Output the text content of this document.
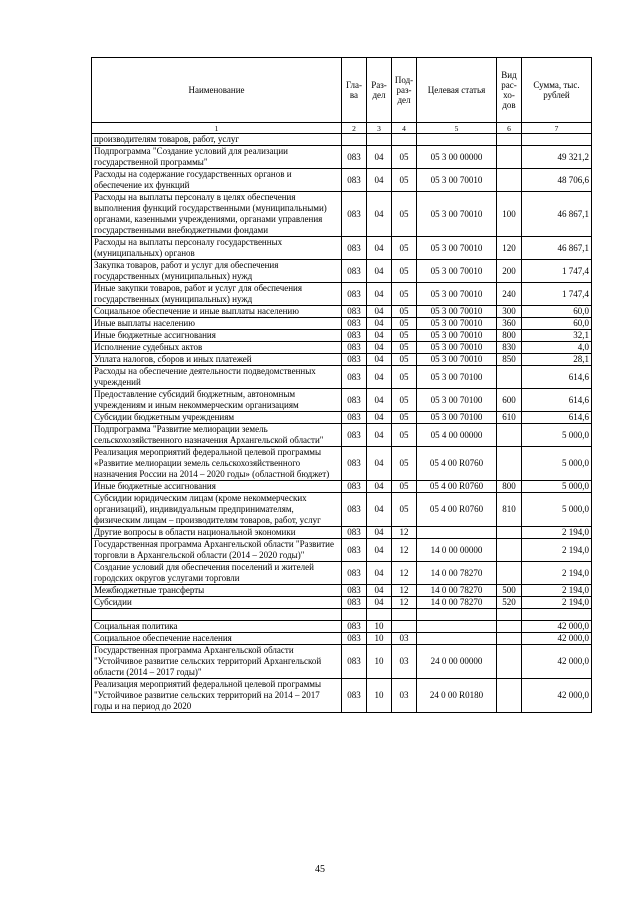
Наименование	Гла-ва	Раз-дел	Под-раз-дел	Целевая статья	Вид рас-хо-дов	Сумма, тыс. рублей
1	2	3	4	5	6	7
производителям товаров, работ, услуг						
Подпрограмма "Создание условий для реализации государственной программы"	083	04	05	05 3 00 00000		49 321,2
Расходы на содержание государственных органов и обеспечение их функций	083	04	05	05 3 00 70010		48 706,6
Расходы на выплаты персоналу в целях обеспечения выполнения функций государственными (муниципальными) органами, казенными учреждениями, органами управления государственными внебюджетными фондами	083	04	05	05 3 00 70010	100	46 867,1
Расходы на выплаты персоналу государственных (муниципальных) органов	083	04	05	05 3 00 70010	120	46 867,1
Закупка товаров, работ и услуг для обеспечения государственных (муниципальных) нужд	083	04	05	05 3 00 70010	200	1 747,4
Иные закупки товаров, работ и услуг для обеспечения государственных (муниципальных) нужд	083	04	05	05 3 00 70010	240	1 747,4
Социальное обеспечение и иные выплаты населению	083	04	05	05 3 00 70010	300	60,0
Иные выплаты населению	083	04	05	05 3 00 70010	360	60,0
Иные бюджетные ассигнования	083	04	05	05 3 00 70010	800	32,1
Исполнение судебных актов	083	04	05	05 3 00 70010	830	4,0
Уплата налогов, сборов и иных платежей	083	04	05	05 3 00 70010	850	28,1
Расходы на обеспечение деятельности подведомственных учреждений	083	04	05	05 3 00 70100		614,6
Предоставление субсидий бюджетным, автономным учреждениям и иным некоммерческим организациям	083	04	05	05 3 00 70100	600	614,6
Субсидии бюджетным учреждениям	083	04	05	05 3 00 70100	610	614,6
Подпрограмма "Развитие мелиорации земель сельскохозяйственного назначения Архангельской области"	083	04	05	05 4 00 00000		5 000,0
Реализация мероприятий федеральной целевой программы «Развитие мелиорации земель сельскохозяйственного назначения России на 2014 – 2020 годы» (областной бюджет)	083	04	05	05 4 00 R0760		5 000,0
Иные бюджетные ассигнования	083	04	05	05 4 00 R0760	800	5 000,0
Субсидии юридическим лицам (кроме некоммерческих организаций), индивидуальным предпринимателям, физическим лицам – производителям товаров, работ, услуг	083	04	05	05 4 00 R0760	810	5 000,0
Другие вопросы в области национальной экономики	083	04	12			2 194,0
Государственная программа Архангельской области "Развитие торговли в Архангельской области (2014 – 2020 годы)"	083	04	12	14 0 00 00000		2 194,0
Создание условий для обеспечения поселений и жителей городских округов услугами торговли	083	04	12	14 0 00 78270		2 194,0
Межбюджетные трансферты	083	04	12	14 0 00 78270	500	2 194,0
Субсидии	083	04	12	14 0 00 78270	520	2 194,0

Социальная политика	083	10				42 000,0
Социальное обеспечение населения	083	10	03			42 000,0
Государственная программа Архангельской области "Устойчивое развитие сельских территорий Архангельской области (2014 – 2017 годы)"	083	10	03	24 0 00 00000		42 000,0
Реализация мероприятий федеральной целевой программы "Устойчивое развитие сельских территорий на 2014 – 2017 годы и на период до 2020	083	10	03	24 0 00 R0180		42 000,0
45
